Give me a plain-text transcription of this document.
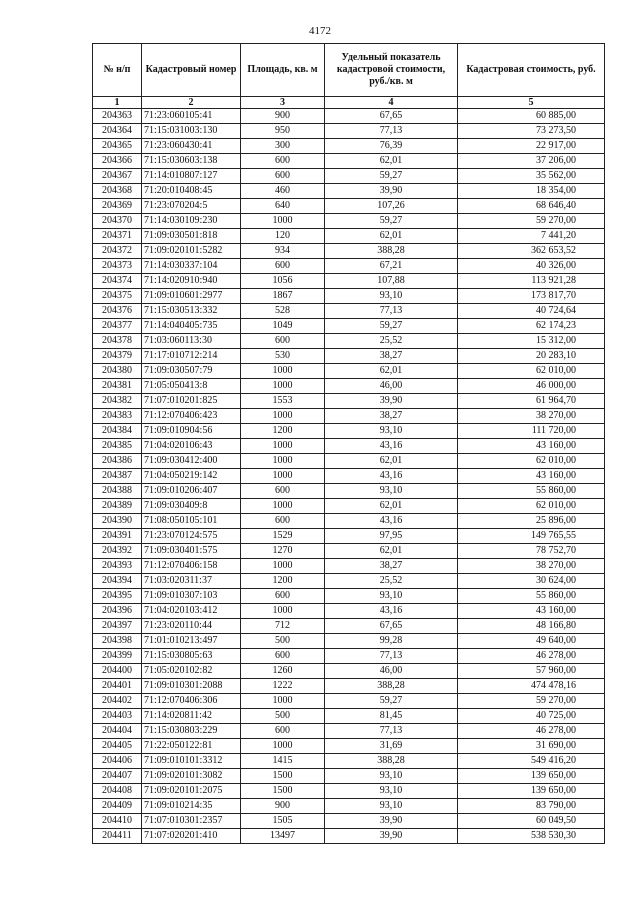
4172
№ н/п	Кадастровый номер	Площадь, кв. м	Удельный показатель кадастровой стоимости, руб./кв. м	Кадастровая стоимость, руб.
1	2	3	4	5
204363	71:23:060105:41	900	67,65	60 885,00
204364	71:15:031003:130	950	77,13	73 273,50
204365	71:23:060430:41	300	76,39	22 917,00
204366	71:15:030603:138	600	62,01	37 206,00
204367	71:14:010807:127	600	59,27	35 562,00
204368	71:20:010408:45	460	39,90	18 354,00
204369	71:23:070204:5	640	107,26	68 646,40
204370	71:14:030109:230	1000	59,27	59 270,00
204371	71:09:030501:818	120	62,01	7 441,20
204372	71:09:020101:5282	934	388,28	362 653,52
204373	71:14:030337:104	600	67,21	40 326,00
204374	71:14:020910:940	1056	107,88	113 921,28
204375	71:09:010601:2977	1867	93,10	173 817,70
204376	71:15:030513:332	528	77,13	40 724,64
204377	71:14:040405:735	1049	59,27	62 174,23
204378	71:03:060113:30	600	25,52	15 312,00
204379	71:17:010712:214	530	38,27	20 283,10
204380	71:09:030507:79	1000	62,01	62 010,00
204381	71:05:050413:8	1000	46,00	46 000,00
204382	71:07:010201:825	1553	39,90	61 964,70
204383	71:12:070406:423	1000	38,27	38 270,00
204384	71:09:010904:56	1200	93,10	111 720,00
204385	71:04:020106:43	1000	43,16	43 160,00
204386	71:09:030412:400	1000	62,01	62 010,00
204387	71:04:050219:142	1000	43,16	43 160,00
204388	71:09:010206:407	600	93,10	55 860,00
204389	71:09:030409:8	1000	62,01	62 010,00
204390	71:08:050105:101	600	43,16	25 896,00
204391	71:23:070124:575	1529	97,95	149 765,55
204392	71:09:030401:575	1270	62,01	78 752,70
204393	71:12:070406:158	1000	38,27	38 270,00
204394	71:03:020311:37	1200	25,52	30 624,00
204395	71:09:010307:103	600	93,10	55 860,00
204396	71:04:020103:412	1000	43,16	43 160,00
204397	71:23:020110:44	712	67,65	48 166,80
204398	71:01:010213:497	500	99,28	49 640,00
204399	71:15:030805:63	600	77,13	46 278,00
204400	71:05:020102:82	1260	46,00	57 960,00
204401	71:09:010301:2088	1222	388,28	474 478,16
204402	71:12:070406:306	1000	59,27	59 270,00
204403	71:14:020811:42	500	81,45	40 725,00
204404	71:15:030803:229	600	77,13	46 278,00
204405	71:22:050122:81	1000	31,69	31 690,00
204406	71:09:010101:3312	1415	388,28	549 416,20
204407	71:09:020101:3082	1500	93,10	139 650,00
204408	71:09:020101:2075	1500	93,10	139 650,00
204409	71:09:010214:35	900	93,10	83 790,00
204410	71:07:010301:2357	1505	39,90	60 049,50
204411	71:07:020201:410	13497	39,90	538 530,30
